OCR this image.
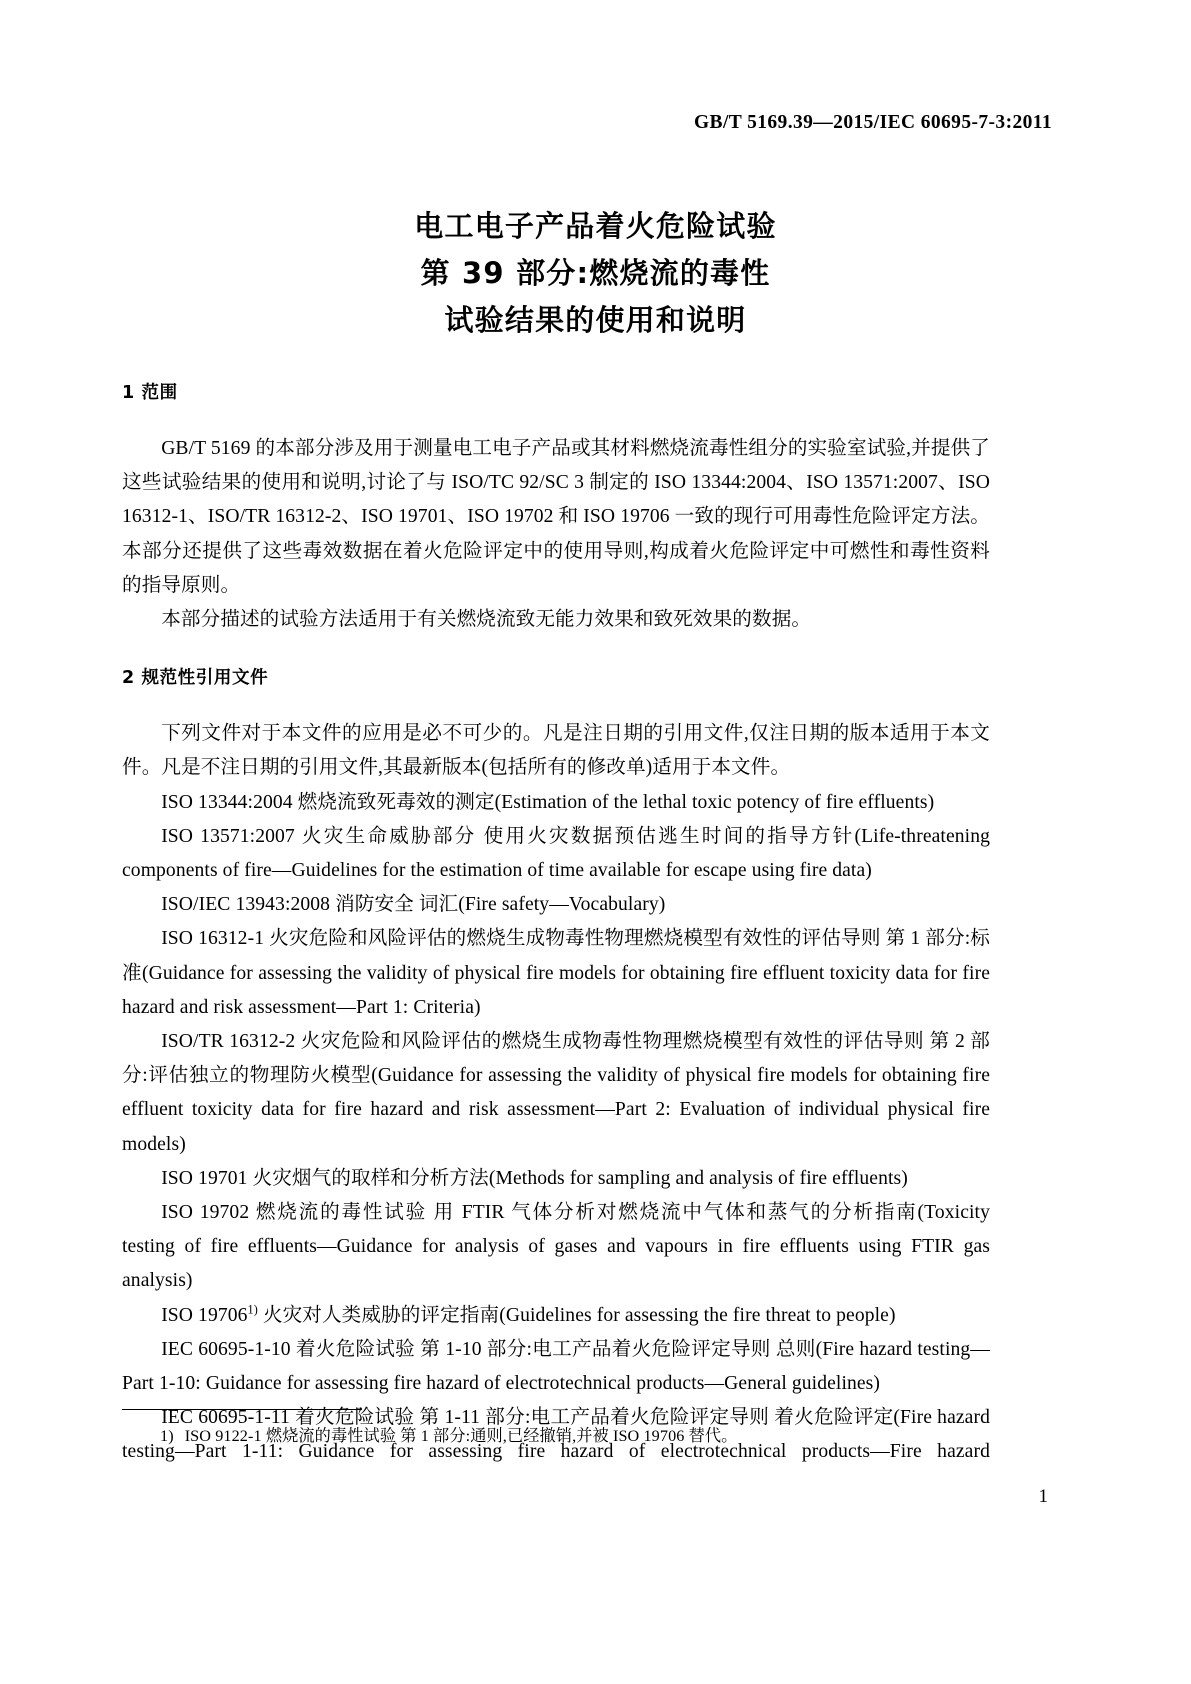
GB/T 5169.39—2015/IEC 60695-7-3:2011
电工电子产品着火危险试验
第 39 部分:燃烧流的毒性
试验结果的使用和说明
1 范围

GB/T 5169 的本部分涉及用于测量电工电子产品或其材料燃烧流毒性组分的实验室试验,并提供了这些试验结果的使用和说明,讨论了与 ISO/TC 92/SC 3 制定的 ISO 13344:2004、ISO 13571:2007、ISO 16312-1、ISO/TR 16312-2、ISO 19701、ISO 19702 和 ISO 19706 一致的现行可用毒性危险评定方法。本部分还提供了这些毒效数据在着火危险评定中的使用导则,构成着火危险评定中可燃性和毒性资料的指导原则。

本部分描述的试验方法适用于有关燃烧流致无能力效果和致死效果的数据。

2 规范性引用文件

下列文件对于本文件的应用是必不可少的。凡是注日期的引用文件,仅注日期的版本适用于本文件。凡是不注日期的引用文件,其最新版本(包括所有的修改单)适用于本文件。

ISO 13344:2004 燃烧流致死毒效的测定(Estimation of the lethal toxic potency of fire effluents)

ISO 13571:2007 火灾生命威胁部分 使用火灾数据预估逃生时间的指导方针(Life-threatening components of fire—Guidelines for the estimation of time available for escape using fire data)

ISO/IEC 13943:2008 消防安全 词汇(Fire safety—Vocabulary)

ISO 16312-1 火灾危险和风险评估的燃烧生成物毒性物理燃烧模型有效性的评估导则 第 1 部分:标准(Guidance for assessing the validity of physical fire models for obtaining fire effluent toxicity data for fire hazard and risk assessment—Part 1: Criteria)

ISO/TR 16312-2 火灾危险和风险评估的燃烧生成物毒性物理燃烧模型有效性的评估导则 第 2 部分:评估独立的物理防火模型(Guidance for assessing the validity of physical fire models for obtaining fire effluent toxicity data for fire hazard and risk assessment—Part 2: Evaluation of individual physical fire models)

ISO 19701 火灾烟气的取样和分析方法(Methods for sampling and analysis of fire effluents)

ISO 19702 燃烧流的毒性试验 用 FTIR 气体分析对燃烧流中气体和蒸气的分析指南(Toxicity testing of fire effluents—Guidance for analysis of gases and vapours in fire effluents using FTIR gas analysis)

ISO 19706$^{1)}$ 火灾对人类威胁的评定指南(Guidelines for assessing the fire threat to people)

IEC 60695-1-10 着火危险试验 第 1-10 部分:电工产品着火危险评定导则 总则(Fire hazard testing—Part 1-10: Guidance for assessing fire hazard of electrotechnical products—General guidelines)

IEC 60695-1-11 着火危险试验 第 1-11 部分:电工产品着火危险评定导则 着火危险评定(Fire hazard testing—Part 1-11: Guidance for assessing fire hazard of electrotechnical products—Fire hazard

1) ISO 9122-1 燃烧流的毒性试验 第 1 部分:通则,已经撤销,并被 ISO 19706 替代。
1
